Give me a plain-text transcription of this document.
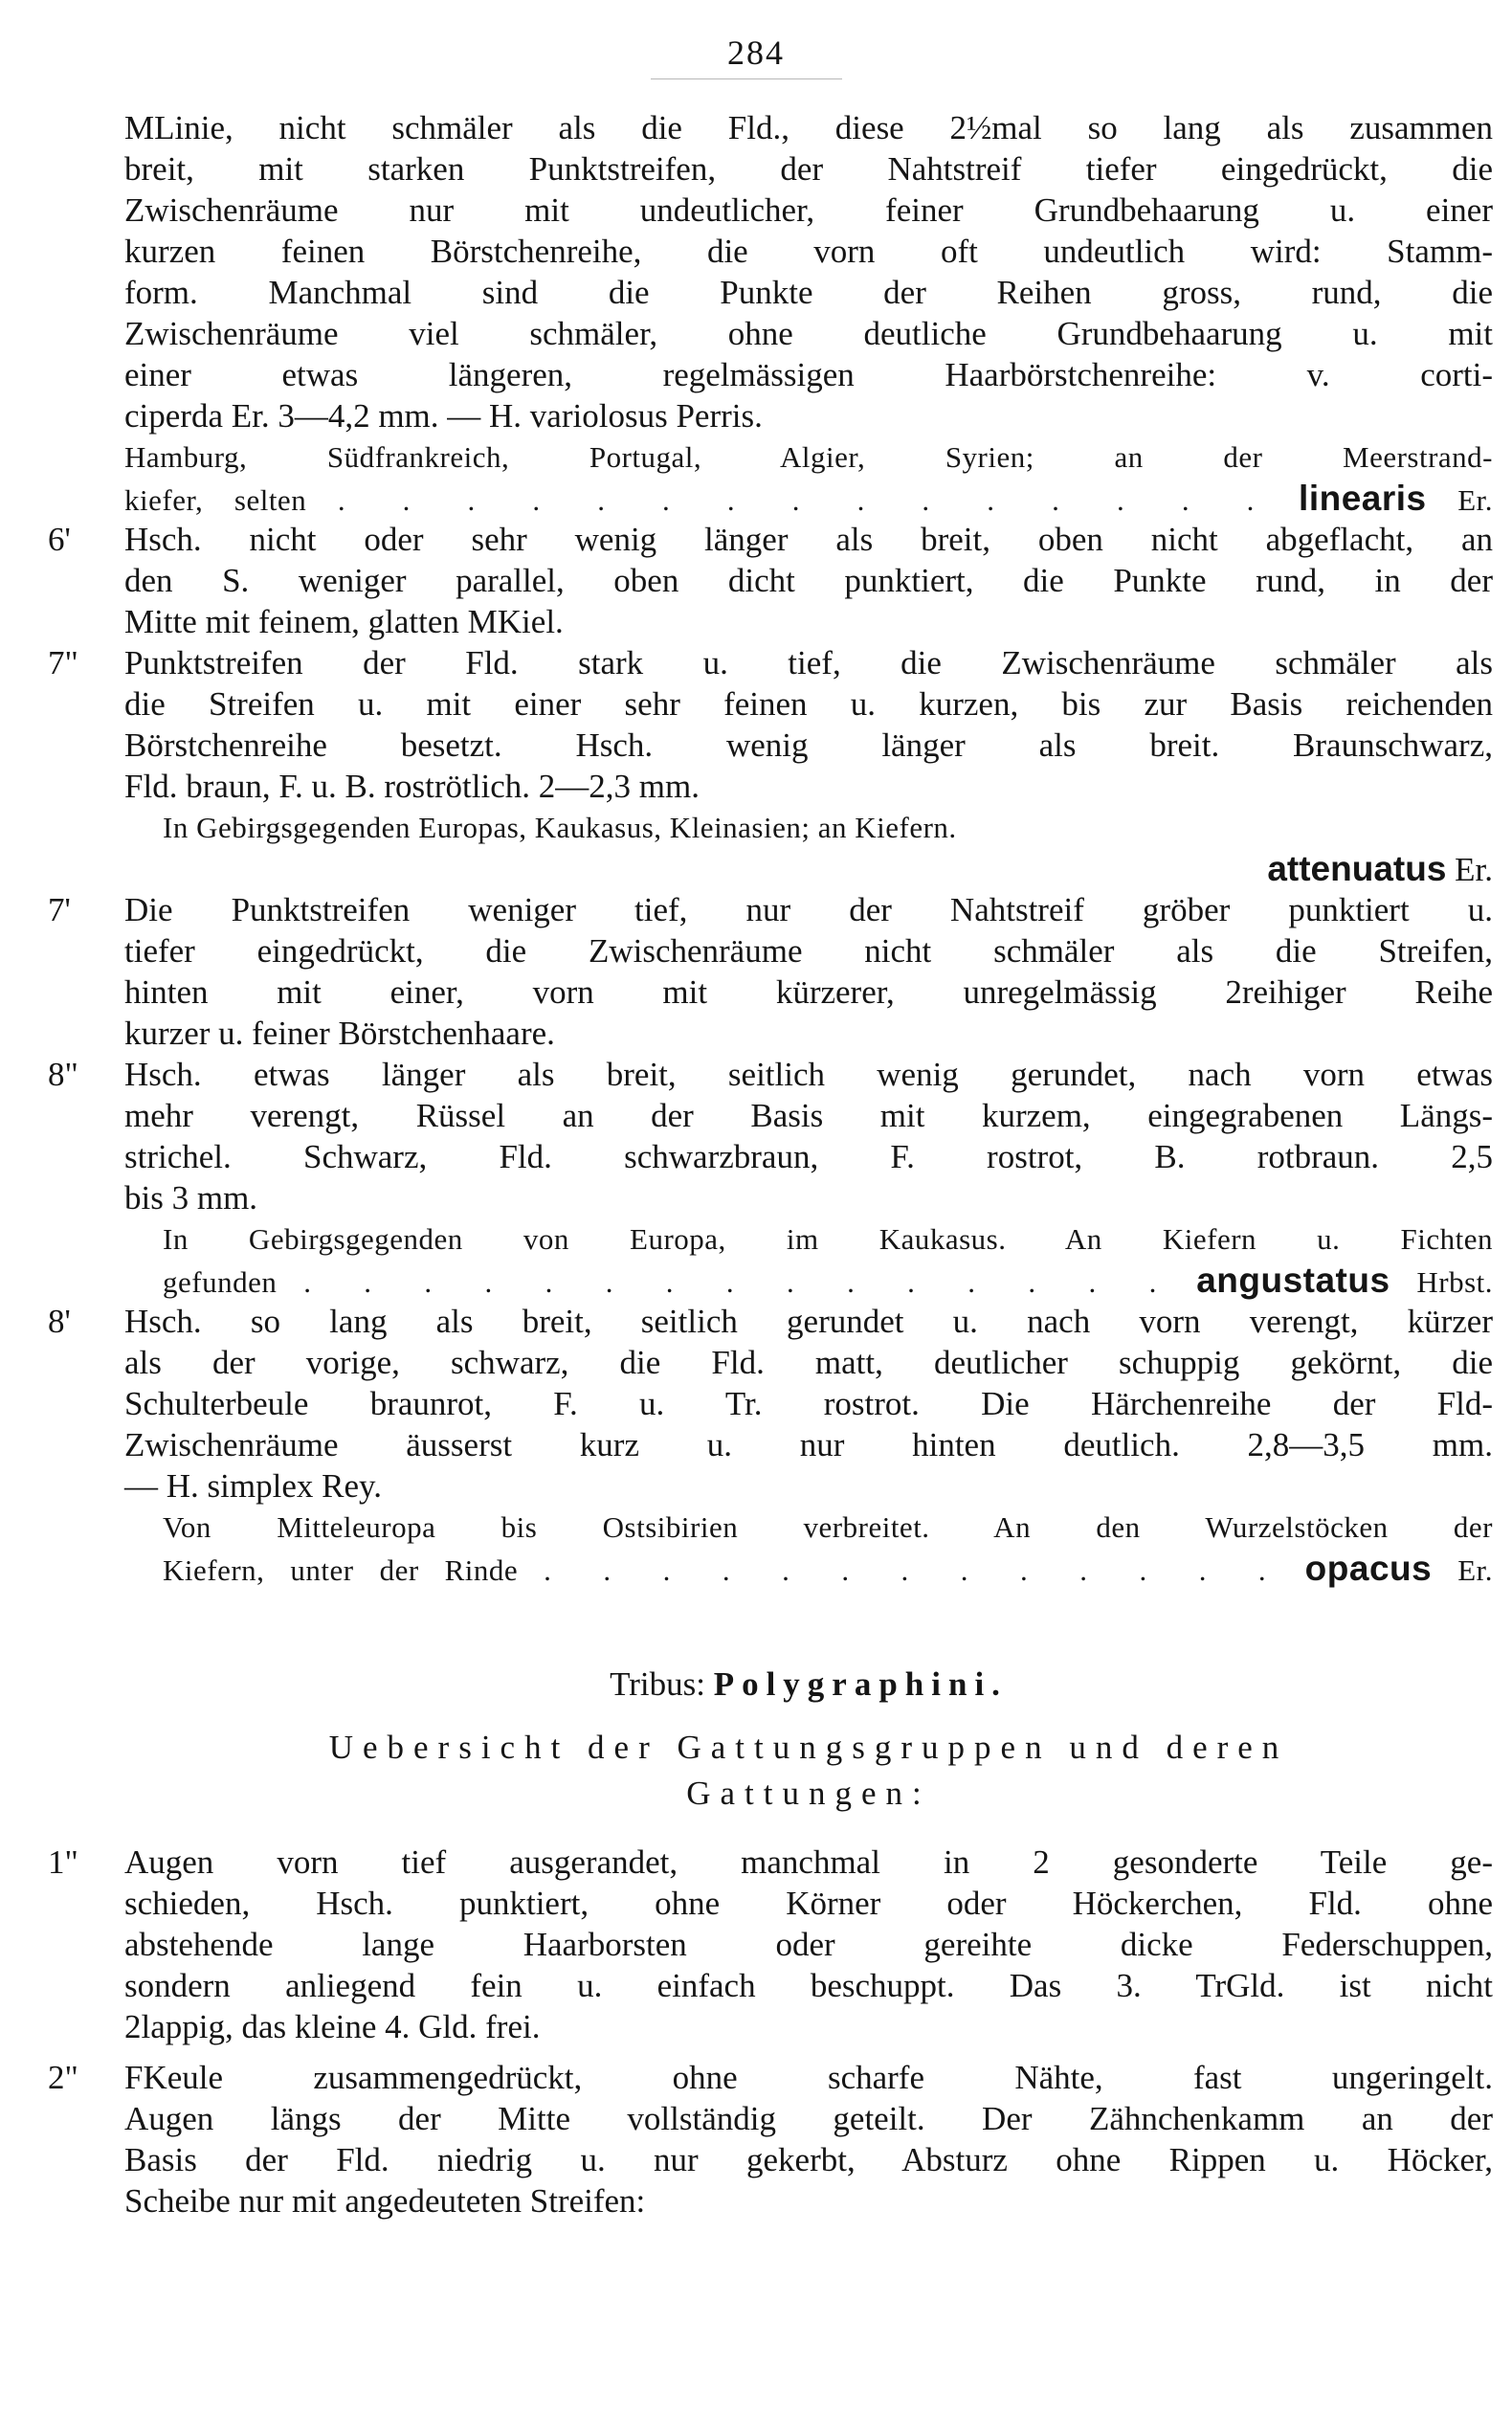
284
MLinie, nicht schmäler als die Fld., diese 2½mal so lang als zusammen
breit, mit starken Punktstreifen, der Nahtstreif tiefer eingedrückt, die
Zwischenräume nur mit undeutlicher, feiner Grundbehaarung u. einer
kurzen feinen Börstchenreihe, die vorn oft undeutlich wird: Stamm-
form. Manchmal sind die Punkte der Reihen gross, rund, die
Zwischenräume viel schmäler, ohne deutliche Grundbehaarung u. mit
einer etwas längeren, regelmässigen Haarbörstchenreihe: v. corti-
ciperda Er. 3—4,2 mm. — H. variolosus Perris.
Hamburg, Südfrankreich, Portugal, Algier, Syrien; an der Meerstrand-
kiefer, selten . . . . . . . . . . . . . . . linearis Er.
6'	Hsch. nicht oder sehr wenig länger als breit, oben nicht abgeflacht, an
den S. weniger parallel, oben dicht punktiert, die Punkte rund, in der
Mitte mit feinem, glatten MKiel.
7"	Punktstreifen der Fld. stark u. tief, die Zwischenräume schmäler als
die Streifen u. mit einer sehr feinen u. kurzen, bis zur Basis reichenden
Börstchenreihe besetzt. Hsch. wenig länger als breit. Braunschwarz,
Fld. braun, F. u. B. roströtlich. 2—2,3 mm.
In Gebirgsgegenden Europas, Kaukasus, Kleinasien; an Kiefern.
attenuatus Er.
7'	Die Punktstreifen weniger tief, nur der Nahtstreif gröber punktiert u.
tiefer eingedrückt, die Zwischenräume nicht schmäler als die Streifen,
hinten mit einer, vorn mit kürzerer, unregelmässig 2reihiger Reihe
kurzer u. feiner Börstchenhaare.
8"	Hsch. etwas länger als breit, seitlich wenig gerundet, nach vorn etwas
mehr verengt, Rüssel an der Basis mit kurzem, eingegrabenen Längs-
strichel. Schwarz, Fld. schwarzbraun, F. rostrot, B. rotbraun. 2,5
bis 3 mm.
In Gebirgsgegenden von Europa, im Kaukasus. An Kiefern u. Fichten
gefunden . . . . . . . . . . . . . . . angustatus Hrbst.
8'	Hsch. so lang als breit, seitlich gerundet u. nach vorn verengt, kürzer
als der vorige, schwarz, die Fld. matt, deutlicher schuppig gekörnt, die
Schulterbeule braunrot, F. u. Tr. rostrot. Die Härchenreihe der Fld-
Zwischenräume äusserst kurz u. nur hinten deutlich. 2,8—3,5 mm.
— H. simplex Rey.
Von Mitteleuropa bis Ostsibirien verbreitet. An den Wurzelstöcken der
Kiefern, unter der Rinde . . . . . . . . . . . . . opacus Er.
Tribus: Polygraphini.
Uebersicht der Gattungsgruppen und deren
Gattungen:
1"	Augen vorn tief ausgerandet, manchmal in 2 gesonderte Teile ge-
schieden, Hsch. punktiert, ohne Körner oder Höckerchen, Fld. ohne
abstehende lange Haarborsten oder gereihte dicke Federschuppen,
sondern anliegend fein u. einfach beschuppt. Das 3. TrGld. ist nicht
2lappig, das kleine 4. Gld. frei.
2"	FKeule zusammengedrückt, ohne scharfe Nähte, fast ungeringelt.
Augen längs der Mitte vollständig geteilt. Der Zähnchenkamm an der
Basis der Fld. niedrig u. nur gekerbt, Absturz ohne Rippen u. Höcker,
Scheibe nur mit angedeuteten Streifen:
